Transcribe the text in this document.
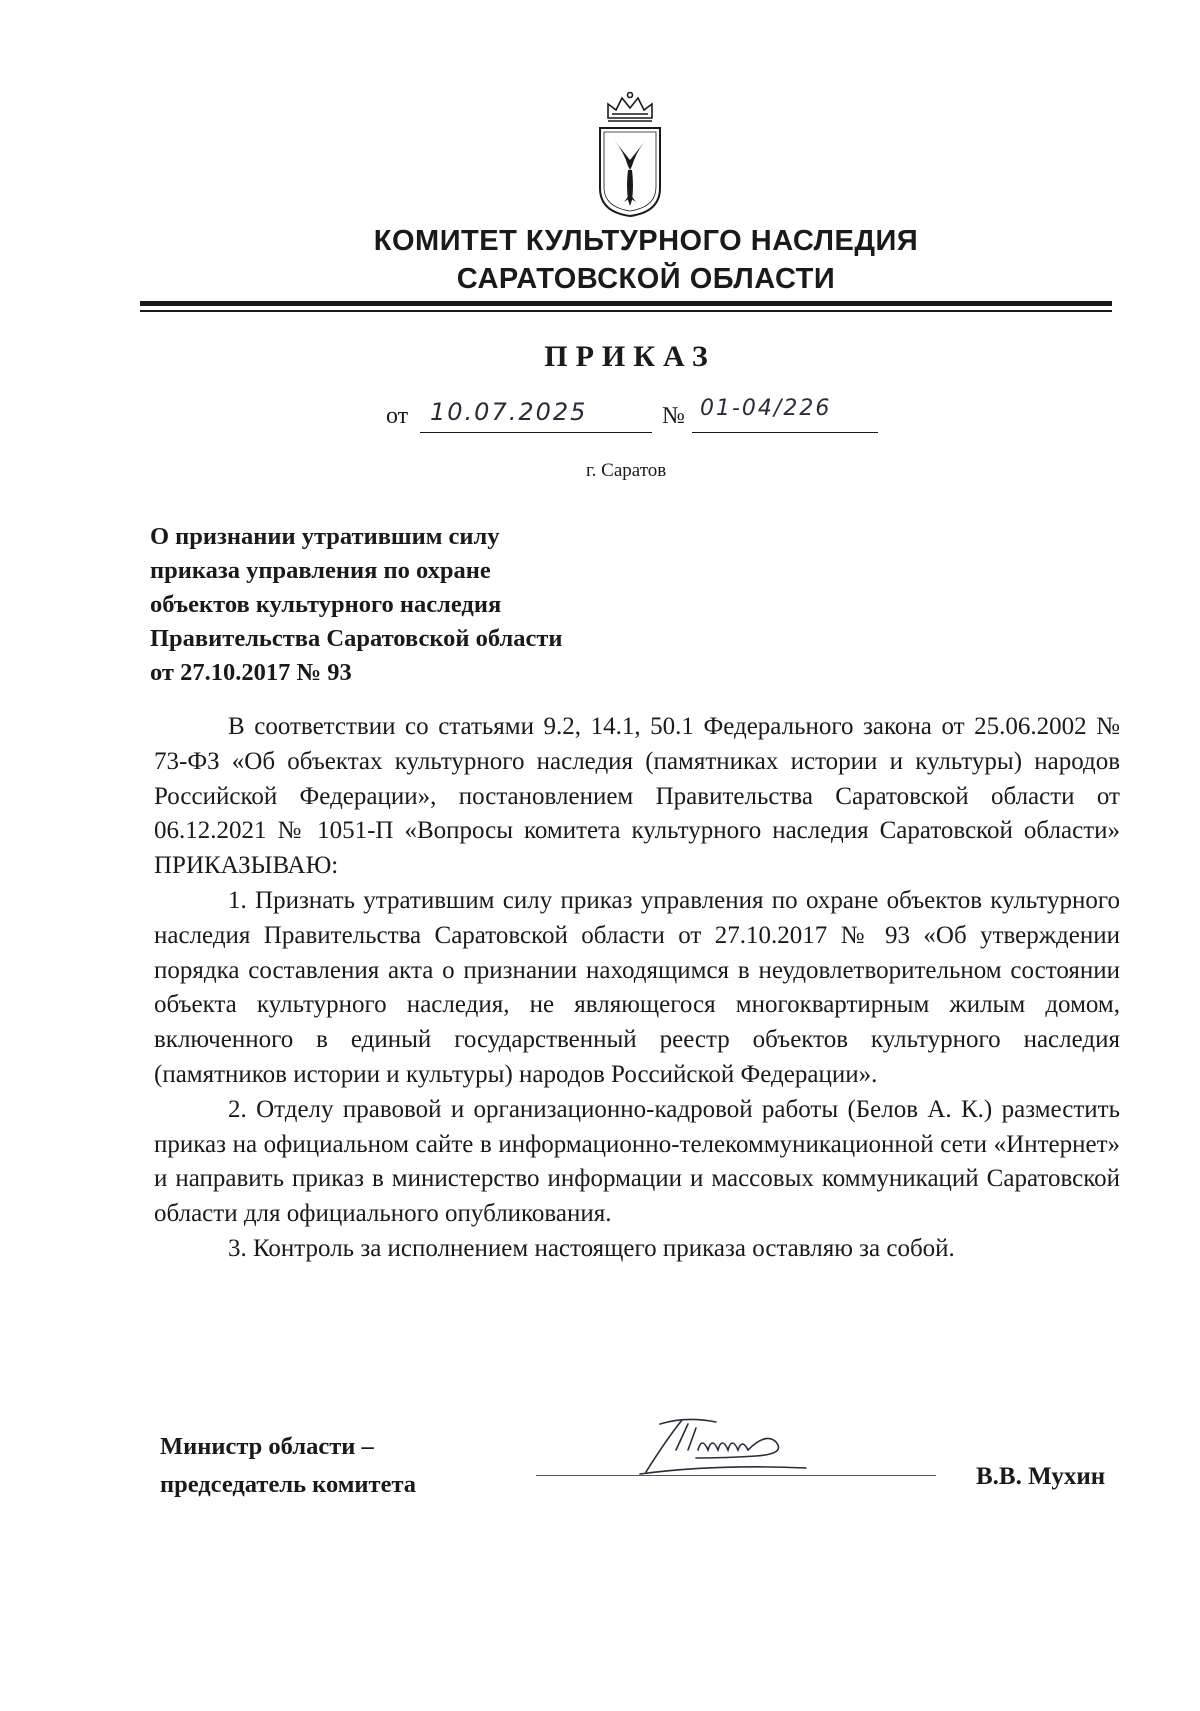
КОМИТЕТ КУЛЬТУРНОГО НАСЛЕДИЯ
САРАТОВСКОЙ ОБЛАСТИ
ПРИКАЗ
от 10.07.2025	№ 01-04/226
г. Саратов
О признании утратившим силу
приказа управления по охране
объектов культурного наследия
Правительства Саратовской области
от 27.10.2017 № 93

В соответствии со статьями 9.2, 14.1, 50.1 Федерального закона от 25.06.2002 № 73-ФЗ «Об объектах культурного наследия (памятниках истории и культуры) народов Российской Федерации», постановлением Правительства Саратовской области от 06.12.2021 № 1051-П «Вопросы комитета культурного наследия Саратовской области» ПРИКАЗЫВАЮ:

1. Признать утратившим силу приказ управления по охране объектов культурного наследия Правительства Саратовской области от 27.10.2017 № 93 «Об утверждении порядка составления акта о признании находящимся в неудовлетворительном состоянии объекта культурного наследия, не являющегося многоквартирным жилым домом, включенного в единый государственный реестр объектов культурного наследия (памятников истории и культуры) народов Российской Федерации».

2. Отделу правовой и организационно-кадровой работы (Белов А. К.) разместить приказ на официальном сайте в информационно-телекоммуникационной сети «Интернет» и направить приказ в министерство информации и массовых коммуникаций Саратовской области для официального опубликования.

3. Контроль за исполнением настоящего приказа оставляю за собой.

Министр области –
председатель комитета	В.В. Мухин
